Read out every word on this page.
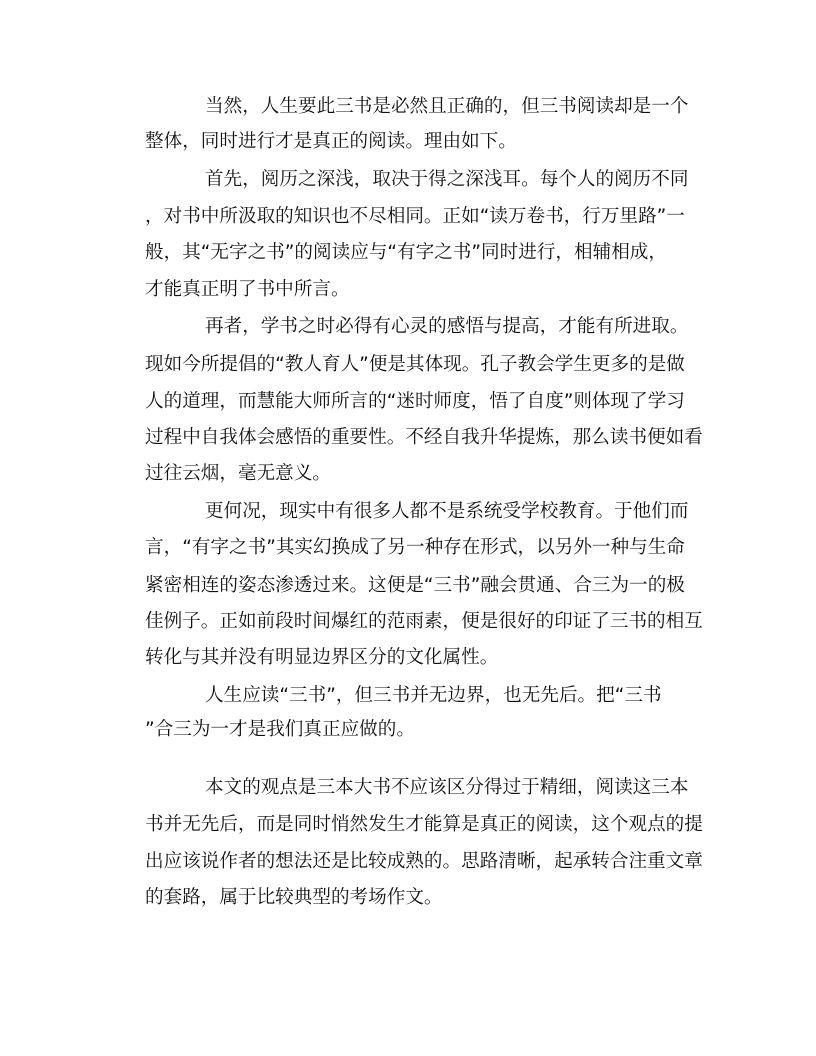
当然，人生要此三书是必然且正确的，但三书阅读却是一个
整体，同时进行才是真正的阅读。理由如下。
首先，阅历之深浅，取决于得之深浅耳。每个人的阅历不同
，对书中所汲取的知识也不尽相同。正如“读万卷书，行万里路”一
般，其“无字之书”的阅读应与“有字之书”同时进行，相辅相成，
才能真正明了书中所言。
再者，学书之时必得有心灵的感悟与提高，才能有所进取。
现如今所提倡的“教人育人”便是其体现。孔子教会学生更多的是做
人的道理，而慧能大师所言的“迷时师度，悟了自度”则体现了学习
过程中自我体会感悟的重要性。不经自我升华提炼，那么读书便如看
过往云烟，毫无意义。
更何况，现实中有很多人都不是系统受学校教育。于他们而
言，“有字之书”其实幻换成了另一种存在形式，以另外一种与生命
紧密相连的姿态渗透过来。这便是“三书”融会贯通、合三为一的极
佳例子。正如前段时间爆红的范雨素，便是很好的印证了三书的相互
转化与其并没有明显边界区分的文化属性。
人生应读“三书”，但三书并无边界，也无先后。把“三书
”合三为一才是我们真正应做的。
本文的观点是三本大书不应该区分得过于精细，阅读这三本
书并无先后，而是同时悄然发生才能算是真正的阅读，这个观点的提
出应该说作者的想法还是比较成熟的。思路清晰，起承转合注重文章
的套路，属于比较典型的考场作文。
